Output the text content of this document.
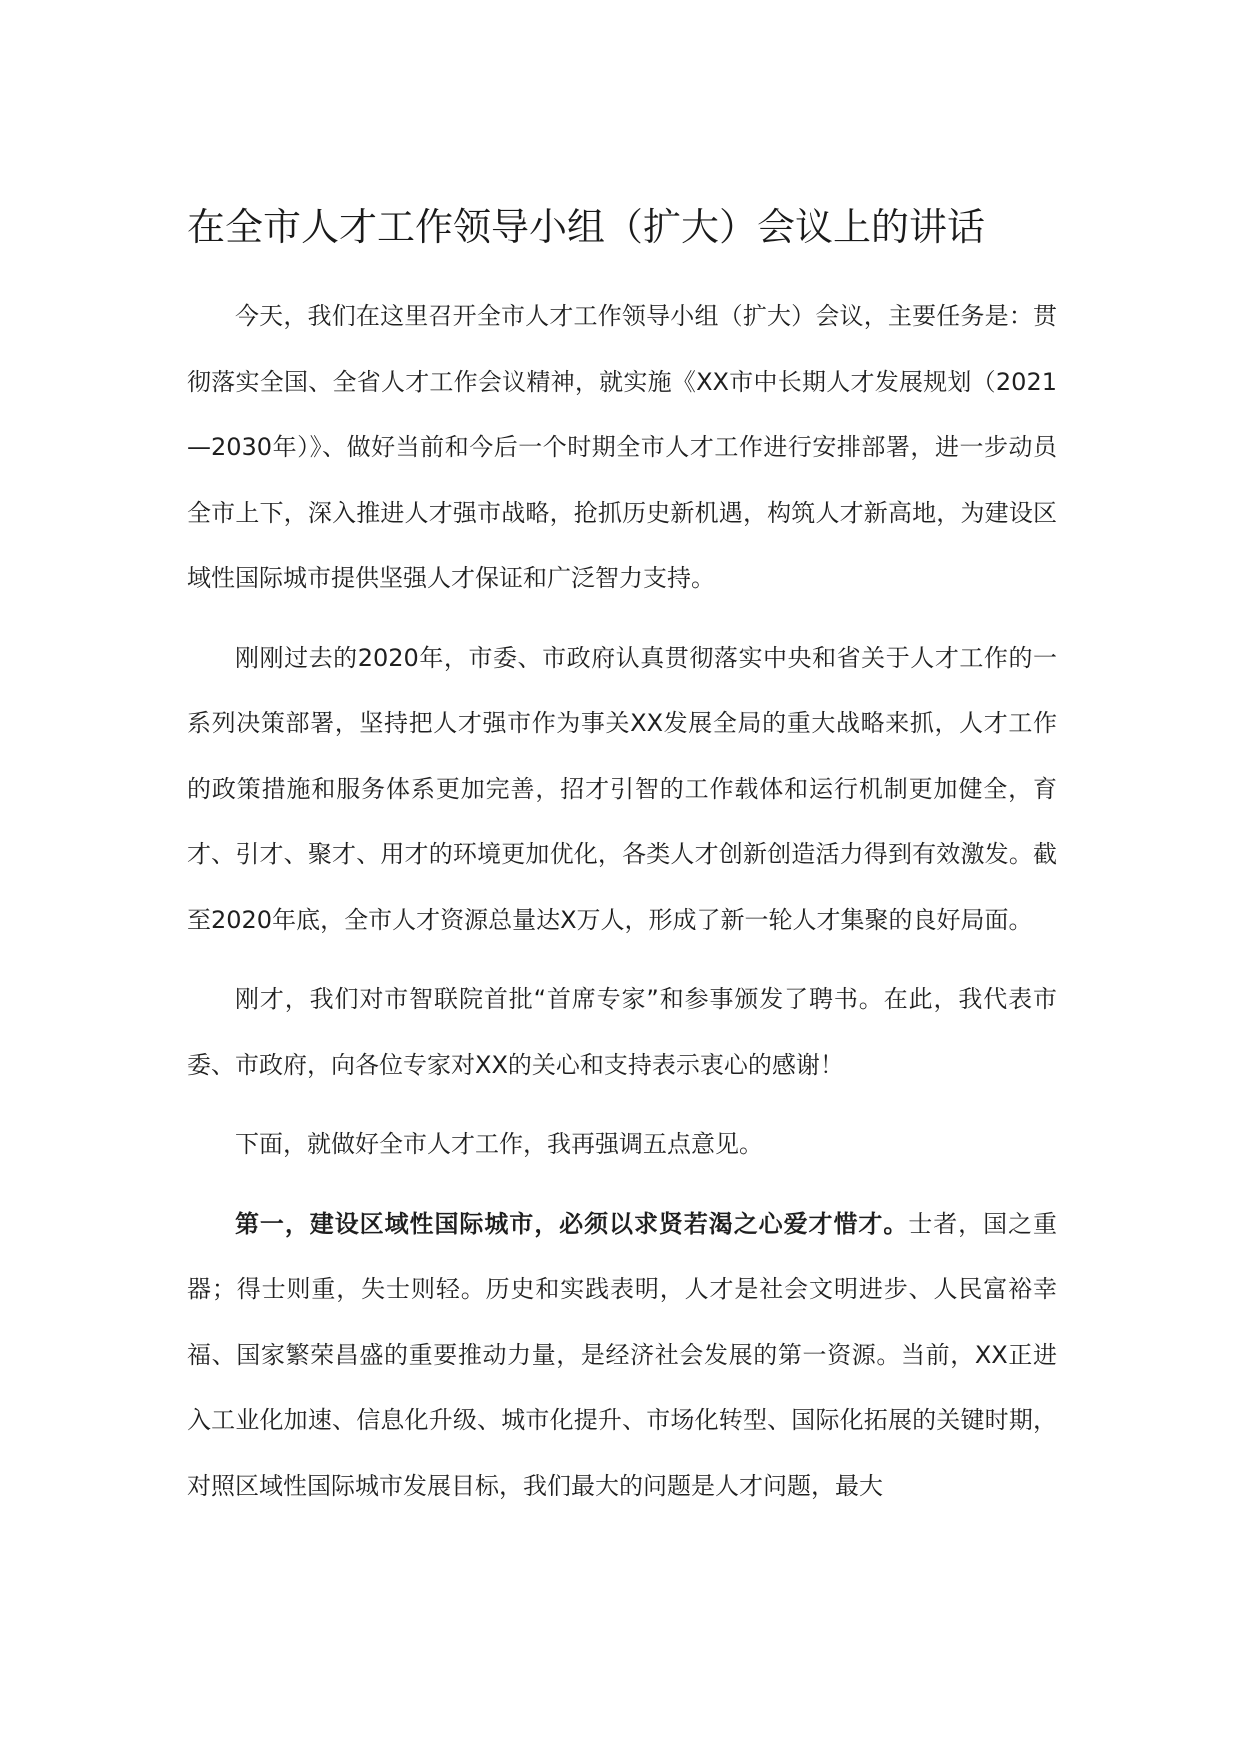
在全市人才工作领导小组（扩大）会议上的讲话

今天，我们在这里召开全市人才工作领导小组（扩大）会议，主要任务是：贯彻落实全国、全省人才工作会议精神，就实施《XX市中长期人才发展规划（2021—2030年）》、做好当前和今后一个时期全市人才工作进行安排部署，进一步动员全市上下，深入推进人才强市战略，抢抓历史新机遇，构筑人才新高地，为建设区域性国际城市提供坚强人才保证和广泛智力支持。

刚刚过去的2020年，市委、市政府认真贯彻落实中央和省关于人才工作的一系列决策部署，坚持把人才强市作为事关XX发展全局的重大战略来抓，人才工作的政策措施和服务体系更加完善，招才引智的工作载体和运行机制更加健全，育才、引才、聚才、用才的环境更加优化，各类人才创新创造活力得到有效激发。截至2020年底，全市人才资源总量达X万人，形成了新一轮人才集聚的良好局面。

刚才，我们对市智联院首批“首席专家”和参事颁发了聘书。在此，我代表市委、市政府，向各位专家对XX的关心和支持表示衷心的感谢！

下面，就做好全市人才工作，我再强调五点意见。

第一，建设区域性国际城市，必须以求贤若渴之心爱才惜才。士者，国之重器；得士则重，失士则轻。历史和实践表明，人才是社会文明进步、人民富裕幸福、国家繁荣昌盛的重要推动力量，是经济社会发展的第一资源。当前，XX正进入工业化加速、信息化升级、城市化提升、市场化转型、国际化拓展的关键时期，对照区域性国际城市发展目标，我们最大的问题是人才问题，最大
